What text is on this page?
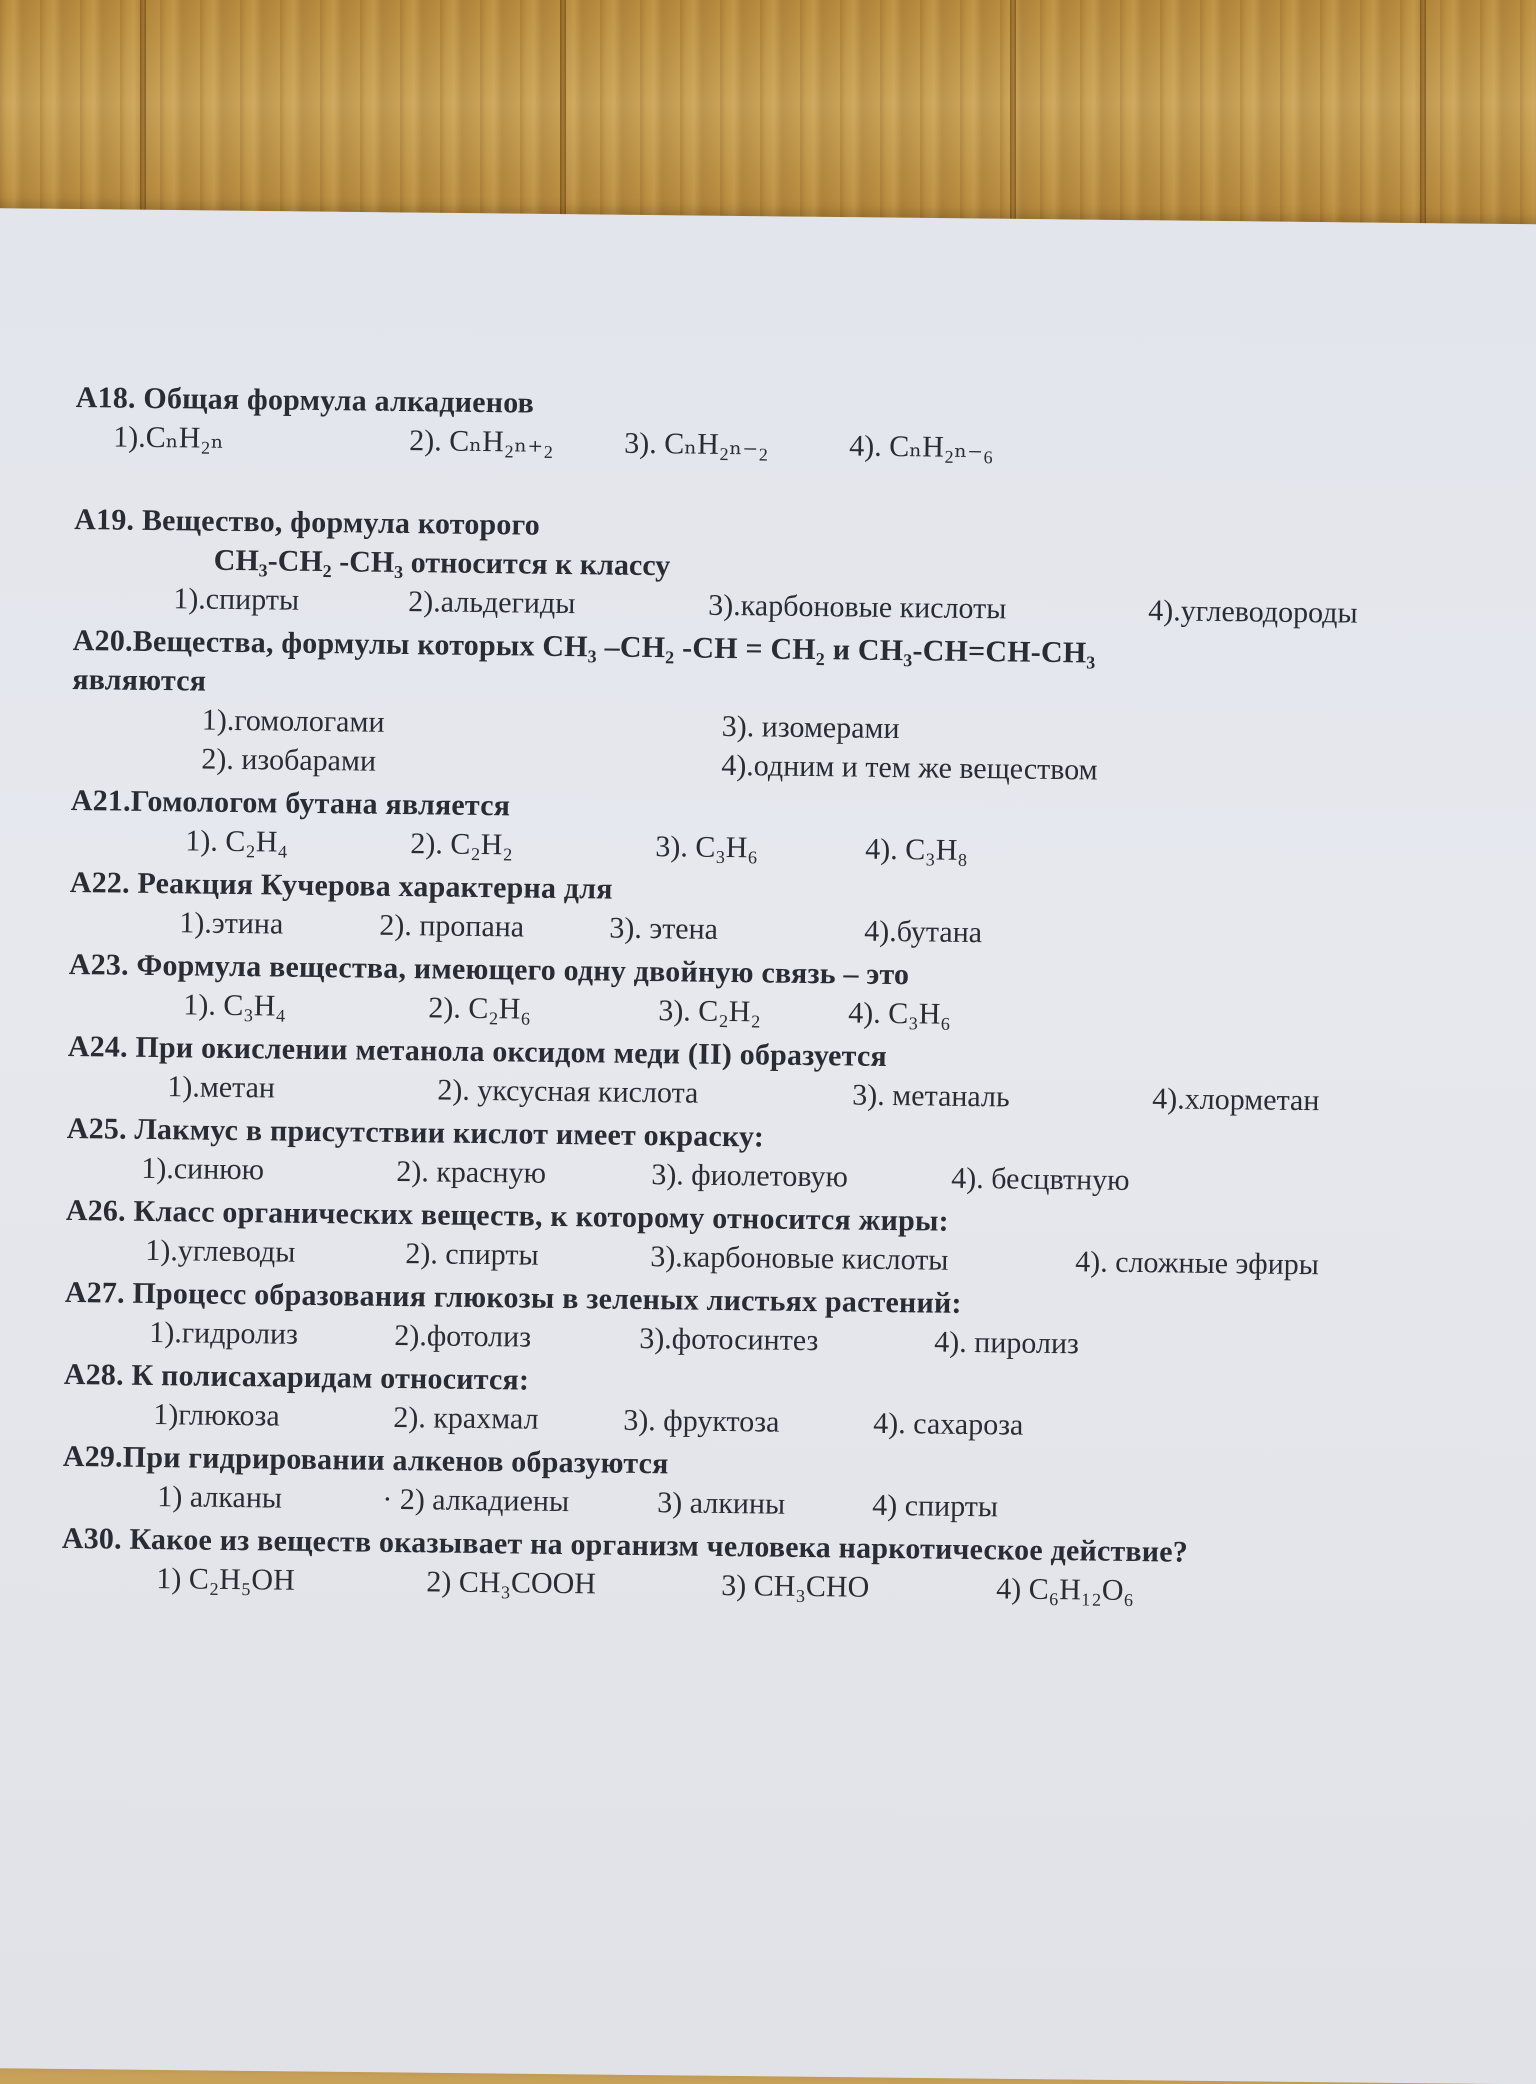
A18. Общая формула алкадиенов
1).CₙH₂ₙ	2). CₙH₂ₙ₊₂	3). CₙH₂ₙ₋₂	4). CₙH₂ₙ₋₆
A19. Вещество, формула которого
CH₃-CH₂ -CH₃ относится к классу
1).спирты	2).альдегиды	3).карбоновые кислоты	4).углеводороды
A20.Вещества, формулы которых CH₃ –CH₂ -CH = CH₂ и CH₃-CH=CH-CH₃
являются
1).гомологами	3). изомерами
2). изобарами	4).одним и тем же веществом
A21.Гомологом бутана является
1). C₂H₄	2). C₂H₂	3). C₃H₆	4). C₃H₈
A22. Реакция Кучерова характерна для
1).этина	2). пропана	3). этена	4).бутана
A23. Формула вещества, имеющего одну двойную связь – это
1). C₃H₄	2). C₂H₆	3). C₂H₂	4). C₃H₆
A24. При окислении метанола оксидом меди (II) образуется
1).метан	2). уксусная кислота	3). метаналь	4).хлорметан
A25. Лакмус в присутствии кислот имеет окраску:
1).синюю	2). красную	3). фиолетовую	4). бесцвтную
A26. Класс органических веществ, к которому относится жиры:
1).углеводы	2). спирты	3).карбоновые кислоты	4). сложные эфиры
A27. Процесс образования глюкозы в зеленых листьях растений:
1).гидролиз	2).фотолиз	3).фотосинтез	4). пиролиз
A28. К полисахаридам относится:
1)глюкоза	2). крахмал	3). фруктоза	4). сахароза
A29.При гидрировании алкенов образуются
1) алканы	· 2) алкадиены	3) алкины	4) спирты
A30. Какое из веществ оказывает на организм человека наркотическое действие?
1) C₂H₅OH	2) CH₃COOH	3) CH₃CHO	4) C₆H₁₂O₆
